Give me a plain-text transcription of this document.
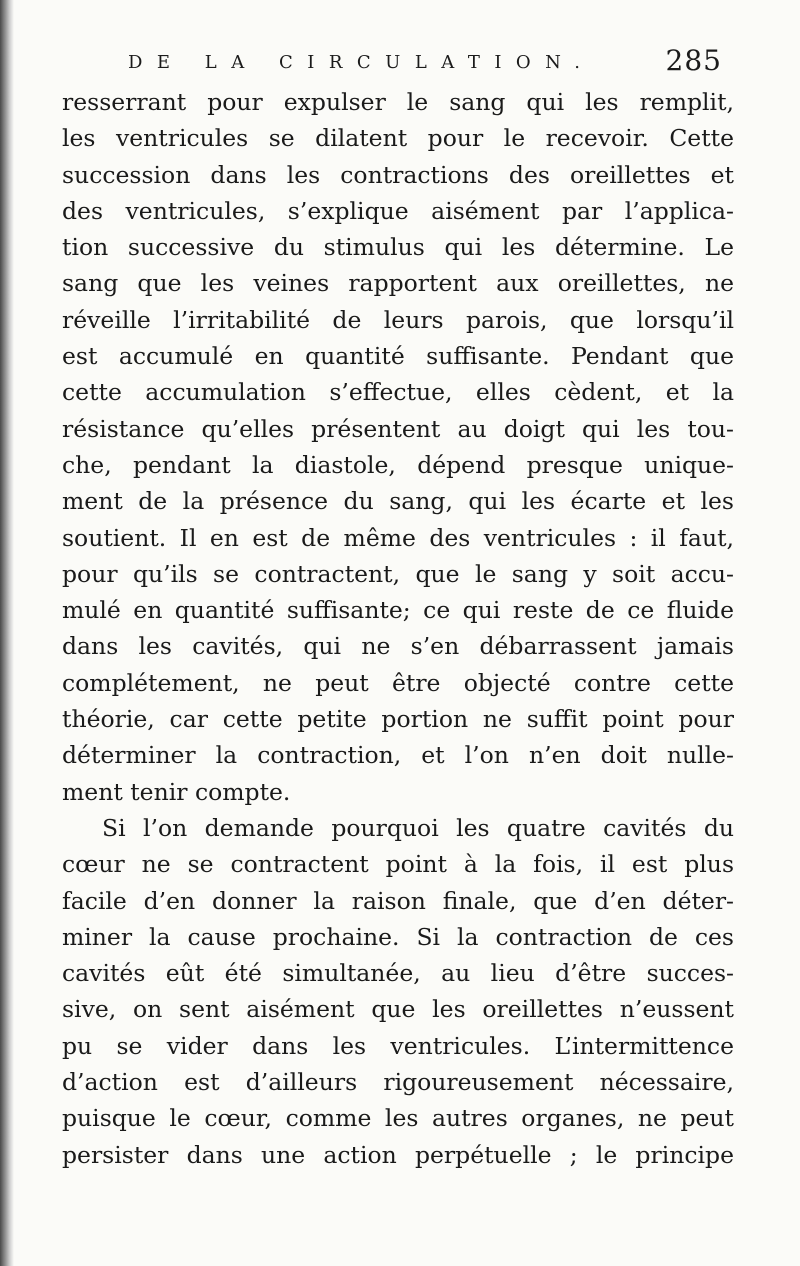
DE LA CIRCULATION.	285
resserrant pour expulser le sang qui les remplit,
les ventricules se dilatent pour le recevoir. Cette
succession dans les contractions des oreillettes et
des ventricules, s’explique aisément par l’applica-
tion successive du stimulus qui les détermine. Le
sang que les veines rapportent aux oreillettes, ne
réveille l’irritabilité de leurs parois, que lorsqu’il
est accumulé en quantité suffisante. Pendant que
cette accumulation s’effectue, elles cèdent, et la
résistance qu’elles présentent au doigt qui les tou-
che, pendant la diastole, dépend presque unique-
ment de la présence du sang, qui les écarte et les
soutient. Il en est de même des ventricules : il faut,
pour qu’ils se contractent, que le sang y soit accu-
mulé en quantité suffisante; ce qui reste de ce fluide
dans les cavités, qui ne s’en débarrassent jamais
complétement, ne peut être objecté contre cette
théorie, car cette petite portion ne suffit point pour
déterminer la contraction, et l’on n’en doit nulle-
ment tenir compte.
Si l’on demande pourquoi les quatre cavités du
cœur ne se contractent point à la fois, il est plus
facile d’en donner la raison finale, que d’en déter-
miner la cause prochaine. Si la contraction de ces
cavités eût été simultanée, au lieu d’être succes-
sive, on sent aisément que les oreillettes n’eussent
pu se vider dans les ventricules. L’intermittence
d’action est d’ailleurs rigoureusement nécessaire,
puisque le cœur, comme les autres organes, ne peut
persister dans une action perpétuelle ; le principe
